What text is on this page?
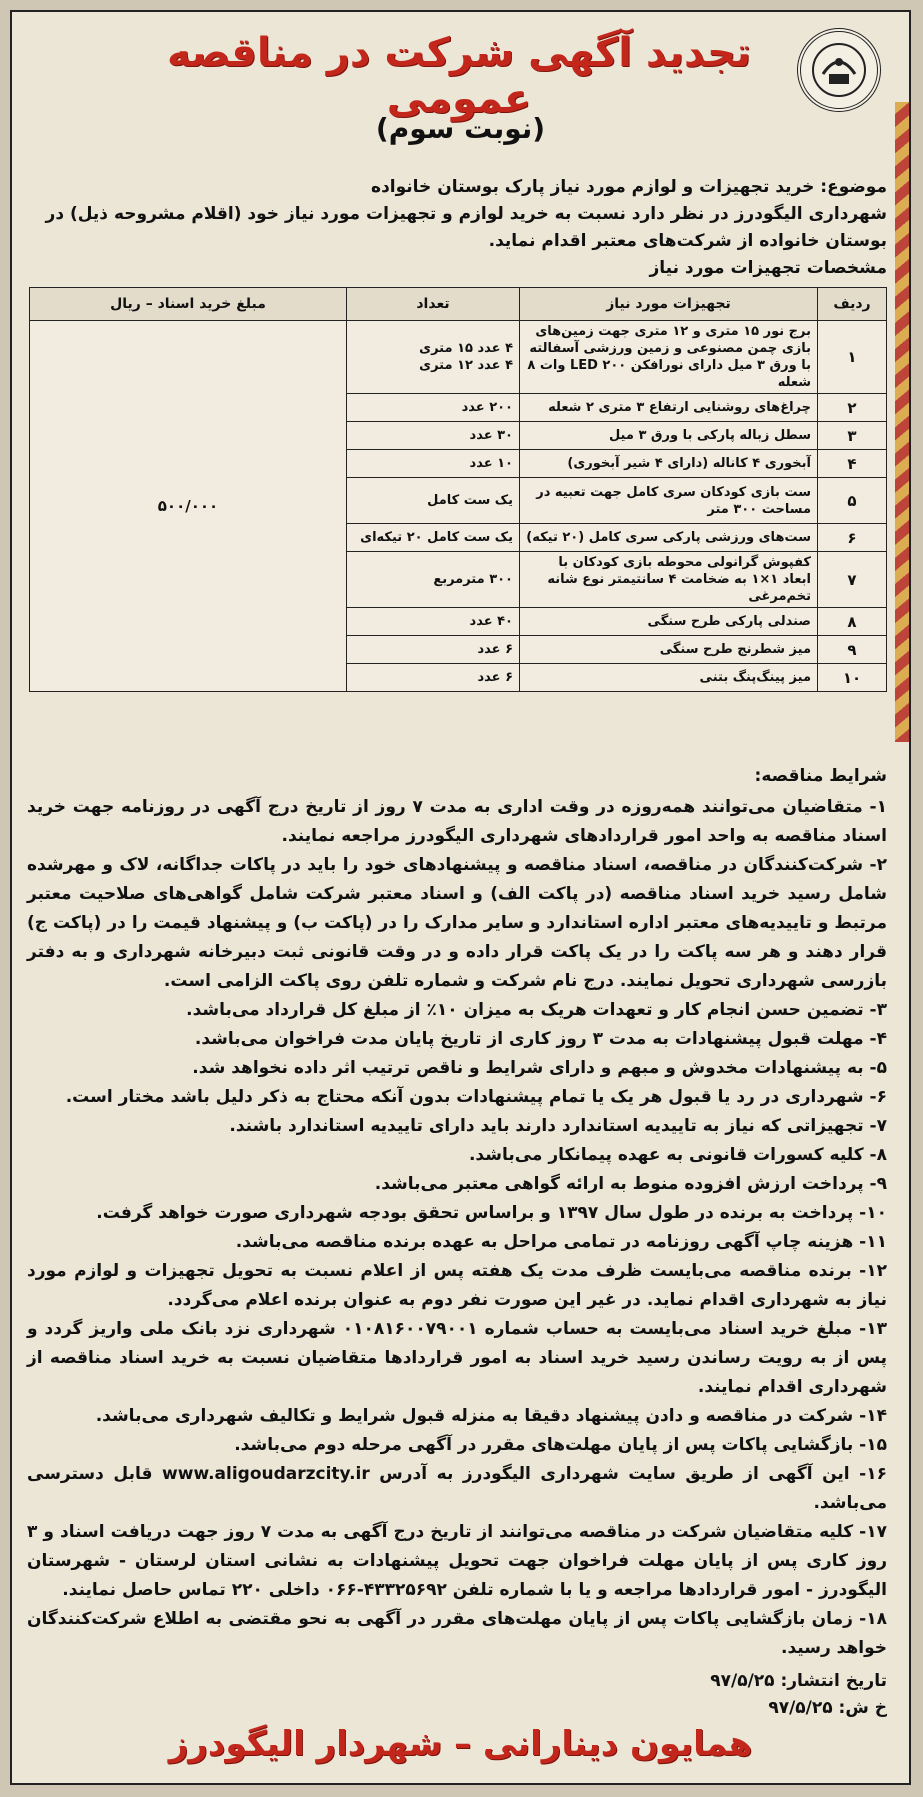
تجدید آگهی شرکت در مناقصه عمومی
(نوبت سوم)
موضوع: خرید تجهیزات و لوازم مورد نیاز پارک بوستان خانواده
شهرداری الیگودرز در نظر دارد نسبت به خرید لوازم و تجهیزات مورد نیاز خود (اقلام مشروحه ذیل) در
بوستان خانواده از شرکت‌های معتبر اقدام نماید.
مشخصات تجهیزات مورد نیاز
ردیف	تجهیزات مورد نیاز	تعداد	مبلغ خرید اسناد – ریال
۱	برج نور ۱۵ متری و ۱۲ متری جهت زمین‌های بازی چمن مصنوعی و زمین ورزشی آسفالته با ورق ۳ میل دارای نورافکن LED ۲۰۰ وات ۸ شعله	۴ عدد ۱۵ متری
۴ عدد ۱۲ متری	۵۰۰/۰۰۰
۲	چراغ‌های روشنایی ارتفاع ۳ متری ۲ شعله	۲۰۰ عدد	
۳	سطل زباله پارکی با ورق ۳ میل	۳۰ عدد	
۴	آبخوری ۴ کاناله (دارای ۴ شیر آبخوری)	۱۰ عدد	
۵	ست بازی کودکان سری کامل جهت تعبیه در مساحت ۳۰۰ متر	یک ست کامل	
۶	ست‌های ورزشی پارکی سری کامل (۲۰ تیکه)	یک ست کامل ۲۰ تیکه‌ای	
۷	کفپوش گرانولی محوطه بازی کودکان با ابعاد ۱×۱ به ضخامت ۴ سانتیمتر نوع شانه تخم‌مرغی	۳۰۰ مترمربع	
۸	صندلی پارکی طرح سنگی	۴۰ عدد	
۹	میز شطرنج طرح سنگی	۶ عدد	
۱۰	میز پینگ‌پنگ بتنی	۶ عدد	

شرایط مناقصه:

۱- متقاضیان می‌توانند همه‌روزه در وقت اداری به مدت ۷ روز از تاریخ درج آگهی در روزنامه جهت خرید اسناد مناقصه به واحد امور قراردادهای شهرداری الیگودرز مراجعه نمایند.

۲- شرکت‌کنندگان در مناقصه، اسناد مناقصه و پیشنهادهای خود را باید در پاکات جداگانه، لاک و مهرشده شامل رسید خرید اسناد مناقصه (در پاکت الف) و اسناد معتبر شرکت شامل گواهی‌های صلاحیت معتبر مرتبط و تاییدیه‌های معتبر اداره استاندارد و سایر مدارک را در (پاکت ب) و پیشنهاد قیمت را در (پاکت ج) قرار دهند و هر سه پاکت را در یک پاکت قرار داده و در وقت قانونی ثبت دبیرخانه شهرداری و به دفتر بازرسی شهرداری تحویل نمایند. درج نام شرکت و شماره تلفن روی پاکت الزامی است.

۳- تضمین حسن انجام کار و تعهدات هریک به میزان ۱۰٪ از مبلغ کل قرارداد می‌باشد.

۴- مهلت قبول پیشنهادات به مدت ۳ روز کاری از تاریخ پایان مدت فراخوان می‌باشد.

۵- به پیشنهادات مخدوش و مبهم و دارای شرایط و ناقص ترتیب اثر داده نخواهد شد.

۶- شهرداری در رد یا قبول هر یک یا تمام پیشنهادات بدون آنکه محتاج به ذکر دلیل باشد مختار است.

۷- تجهیزاتی که نیاز به تاییدیه استاندارد دارند باید دارای تاییدیه استاندارد باشند.

۸- کلیه کسورات قانونی به عهده پیمانکار می‌باشد.

۹- پرداخت ارزش افزوده منوط به ارائه گواهی معتبر می‌باشد.

۱۰- پرداخت به برنده در طول سال ۱۳۹۷ و براساس تحقق بودجه شهرداری صورت خواهد گرفت.

۱۱- هزینه چاپ آگهی روزنامه در تمامی مراحل به عهده برنده مناقصه می‌باشد.

۱۲- برنده مناقصه می‌بایست ظرف مدت یک هفته پس از اعلام نسبت به تحویل تجهیزات و لوازم مورد نیاز به شهرداری اقدام نماید. در غیر این صورت نفر دوم به عنوان برنده اعلام می‌گردد.

۱۳- مبلغ خرید اسناد می‌بایست به حساب شماره ۰۱۰۸۱۶۰۰۷۹۰۰۱ شهرداری نزد بانک ملی واریز گردد و پس از به رویت رساندن رسید خرید اسناد به امور قراردادها متقاضیان نسبت به خرید اسناد مناقصه از شهرداری اقدام نمایند.

۱۴- شرکت در مناقصه و دادن پیشنهاد دقیقا به منزله قبول شرایط و تکالیف شهرداری می‌باشد.

۱۵- بازگشایی پاکات پس از پایان مهلت‌های مقرر در آگهی مرحله دوم می‌باشد.

۱۶- این آگهی از طریق سایت شهرداری الیگودرز به آدرس www.aligoudarzcity.ir قابل دسترسی می‌باشد.

۱۷- کلیه متقاضیان شرکت در مناقصه می‌توانند از تاریخ درج آگهی به مدت ۷ روز جهت دریافت اسناد و ۳ روز کاری پس از پایان مهلت فراخوان جهت تحویل پیشنهادات به نشانی استان لرستان - شهرستان الیگودرز - امور قراردادها مراجعه و یا با شماره تلفن ۴۳۳۲۵۶۹۲-۰۶۶ داخلی ۲۲۰ تماس حاصل نمایند.

۱۸- زمان بازگشایی پاکات پس از پایان مهلت‌های مقرر در آگهی به نحو مقتضی به اطلاع شرکت‌کنندگان خواهد رسید.

تاریخ انتشار: ۹۷/۵/۲۵
خ ش: ۹۷/۵/۲۵
همایون دینارانی – شهردار الیگودرز
